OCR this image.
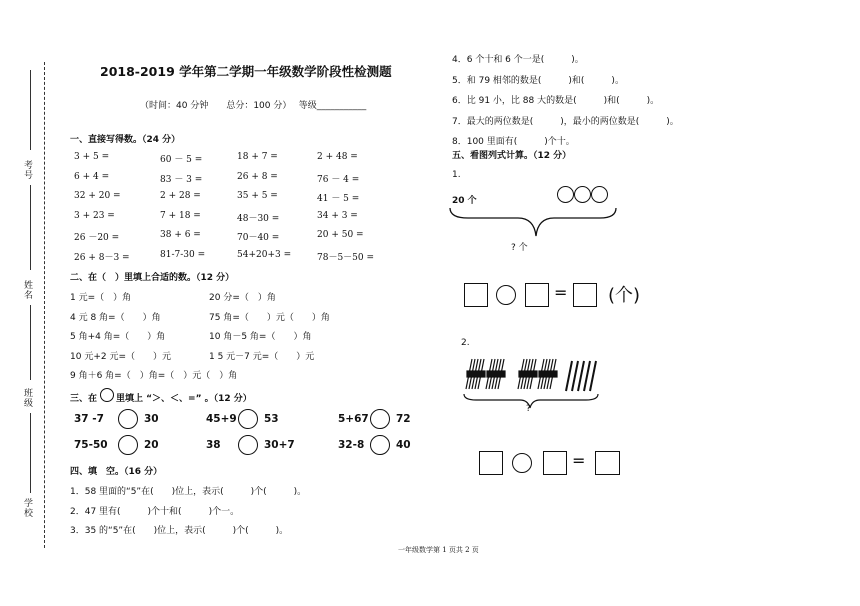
考号
姓名
班级
学校
2018-2019 学年第二学期一年级数学阶段性检测题
（时间：40 分钟　　总分：100 分）　 等级___________
一、直接写得数。（24 分）
二、在（　）里填上合适的数。（12 分）
三、在 里填上 “＞、＜、=” 。（12 分）
四、填　空。（16 分）
五、看图列式计算。（12 分）
1.
20 个
? 个
= (个)
2.
?
=
一年级数学第 1 页共 2 页
3 + 5 =	60 － 5 =	18 + 7 =	2 + 48 =
6 + 4 =	83 － 3 =	26 + 8 =	76 － 4 =
32 + 20 =	2 + 28 =	35 + 5 =	41 － 5 =
3 + 23 =	7 + 18 =	48－30 =	34 + 3 =
26 －20 =	38 + 6 =	70－40 =	20 + 50 =
26 + 8－3 =	81-7-30 =	54+20+3 =	78－5－50 =
1 元=（　）角	20 分=（　）角
4 元 8 角=（　　）角	75 角=（　　）元（　　）角
5 角+4 角=（　　）角	10 角－5 角=（　　）角
10 元+2 元=（　　）元	1 5 元－7 元=（　　）元
9 角＋6 角=（　）角=（　）元（　）角
37 -7	30	45+9	53	5+67	72
75-50	20	38	30+7	32-8	40
1．58 里面的“5”在(　　)位上，表示(　　　)个(　　　)。
2．47 里有(　　　)个十和(　　　)个一。
3．35 的“5”在(　　)位上，表示(　　　)个(　　　)。
4．6 个十和 6 个一是(　　　)。
5．和 79 相邻的数是(　　　)和(　　　)。
6．比 91 小，比 88 大的数是(　　　)和(　　　)。
7．最大的两位数是(　　　)，最小的两位数是(　　　)。
8．100 里面有(　　　)个十。
